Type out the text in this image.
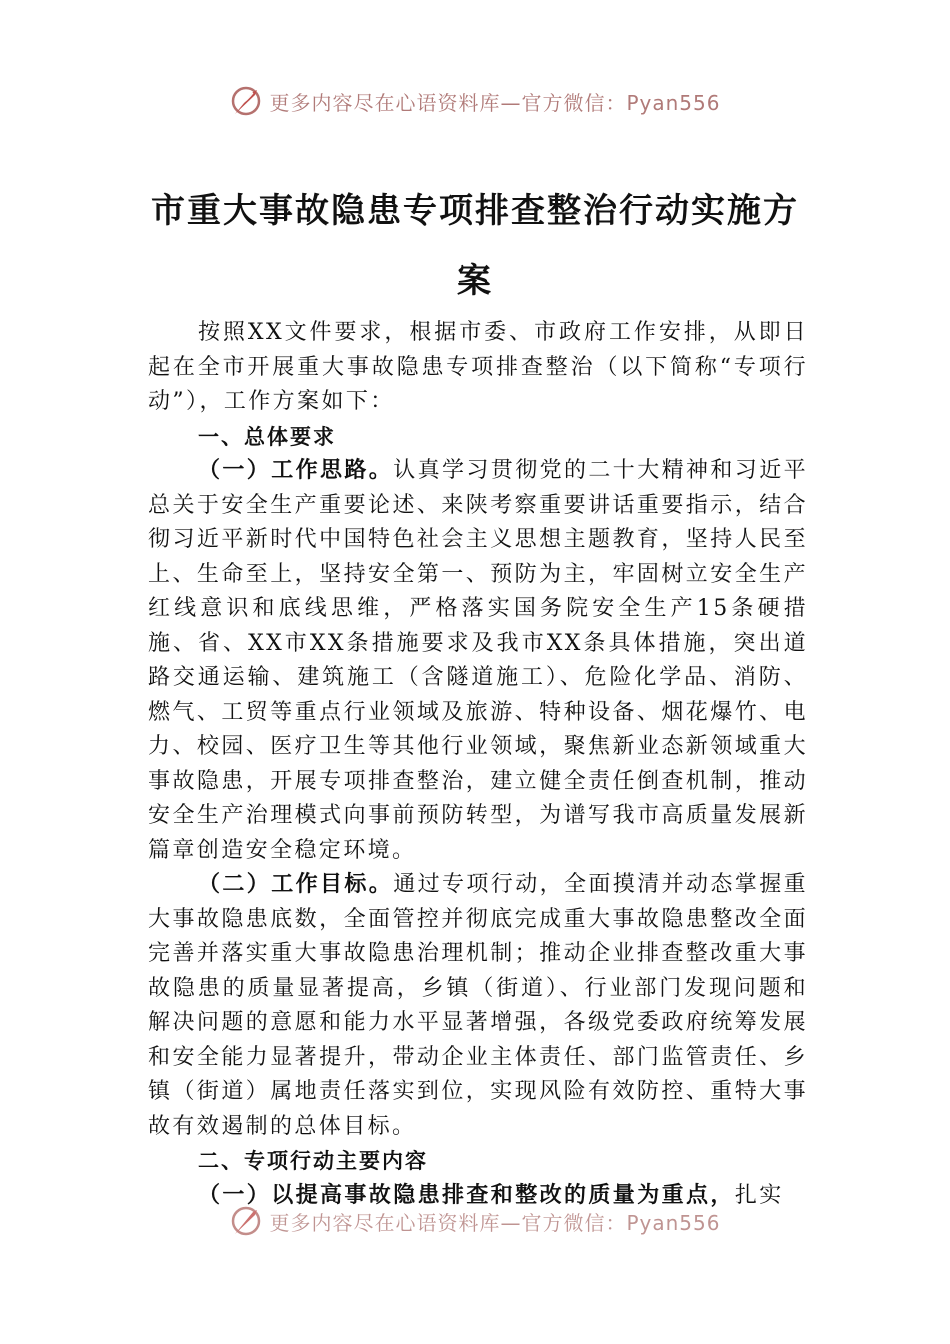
更多内容尽在心语资料库—官方微信：Pyan556
市重大事故隐患专项排查整治行动实施方案

按照XX文件要求，根据市委、市政府工作安排，从即日起在全市开展重大事故隐患专项排查整治（以下简称“专项行动”），工作方案如下：

一、总体要求

（一）工作思路。认真学习贯彻党的二十大精神和习近平总关于安全生产重要论述、来陕考察重要讲话重要指示，结合彻习近平新时代中国特色社会主义思想主题教育，坚持人民至上、生命至上，坚持安全第一、预防为主，牢固树立安全生产红线意识和底线思维，严格落实国务院安全生产15条硬措施、省、XX市XX条措施要求及我市XX条具体措施，突出道路交通运输、建筑施工（含隧道施工）、危险化学品、消防、燃气、工贸等重点行业领域及旅游、特种设备、烟花爆竹、电力、校园、医疗卫生等其他行业领域，聚焦新业态新领域重大事故隐患，开展专项排查整治，建立健全责任倒查机制，推动安全生产治理模式向事前预防转型，为谱写我市高质量发展新篇章创造安全稳定环境。

（二）工作目标。通过专项行动，全面摸清并动态掌握重大事故隐患底数，全面管控并彻底完成重大事故隐患整改全面完善并落实重大事故隐患治理机制；推动企业排查整改重大事故隐患的质量显著提高，乡镇（街道）、行业部门发现问题和解决问题的意愿和能力水平显著增强，各级党委政府统筹发展和安全能力显著提升，带动企业主体责任、部门监管责任、乡镇（街道）属地责任落实到位，实现风险有效防控、重特大事故有效遏制的总体目标。

二、专项行动主要内容

（一）以提高事故隐患排查和整改的质量为重点，扎实

更多内容尽在心语资料库—官方微信：Pyan556
